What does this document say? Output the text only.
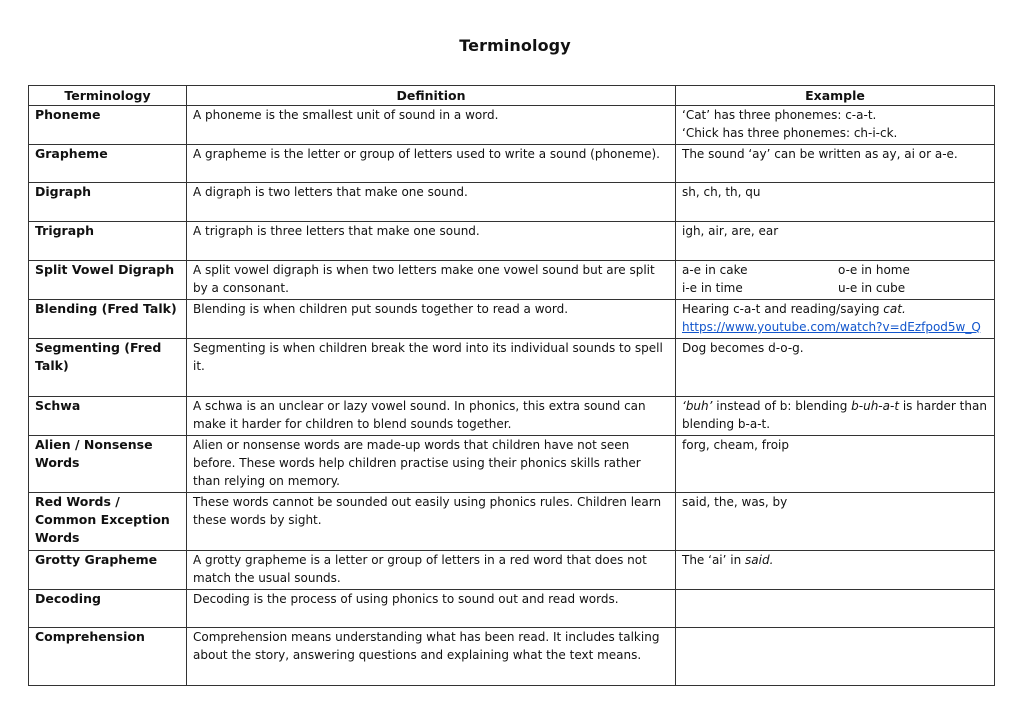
Terminology
Terminology	Definition	Example
Phoneme	A phoneme is the smallest unit of sound in a word.	‘Cat’ has three phonemes: c-a-t.
‘Chick has three phonemes: ch-i-ck.

Grapheme	A grapheme is the letter or group of letters used to write a sound (phoneme).	The sound ‘ay’ can be written as ay, ai or a-e.
Digraph	A digraph is two letters that make one sound.	sh, ch, th, qu
Trigraph	A trigraph is three letters that make one sound.	igh, air, are, ear
Split Vowel Digraph	A split vowel digraph is when two letters make one vowel sound but are split by a consonant.	a-e in cake o-e in home
i-e in time u-e in cube

Blending (Fred Talk)	Blending is when children put sounds together to read a word.	Hearing c-a-t and reading/saying cat.
https://www.youtube.com/watch?v=dEzfpod5w_Q

Segmenting (Fred Talk)	Segmenting is when children break the word into its individual sounds to spell it.	Dog becomes d-o-g.
Schwa	A schwa is an unclear or lazy vowel sound. In phonics, this extra sound can make it harder for children to blend sounds together.	‘buh’ instead of b: blending b-uh-a-t is harder than blending b-a-t.
Alien / Nonsense Words	Alien or nonsense words are made-up words that children have not seen before. These words help children practise using their phonics skills rather than relying on memory.	forg, cheam, froip
Red Words / Common Exception Words	These words cannot be sounded out easily using phonics rules. Children learn these words by sight.	said, the, was, by
Grotty Grapheme	A grotty grapheme is a letter or group of letters in a red word that does not match the usual sounds.	The ‘ai’ in said.
Decoding	Decoding is the process of using phonics to sound out and read words.	
Comprehension	Comprehension means understanding what has been read. It includes talking about the story, answering questions and explaining what the text means.	
